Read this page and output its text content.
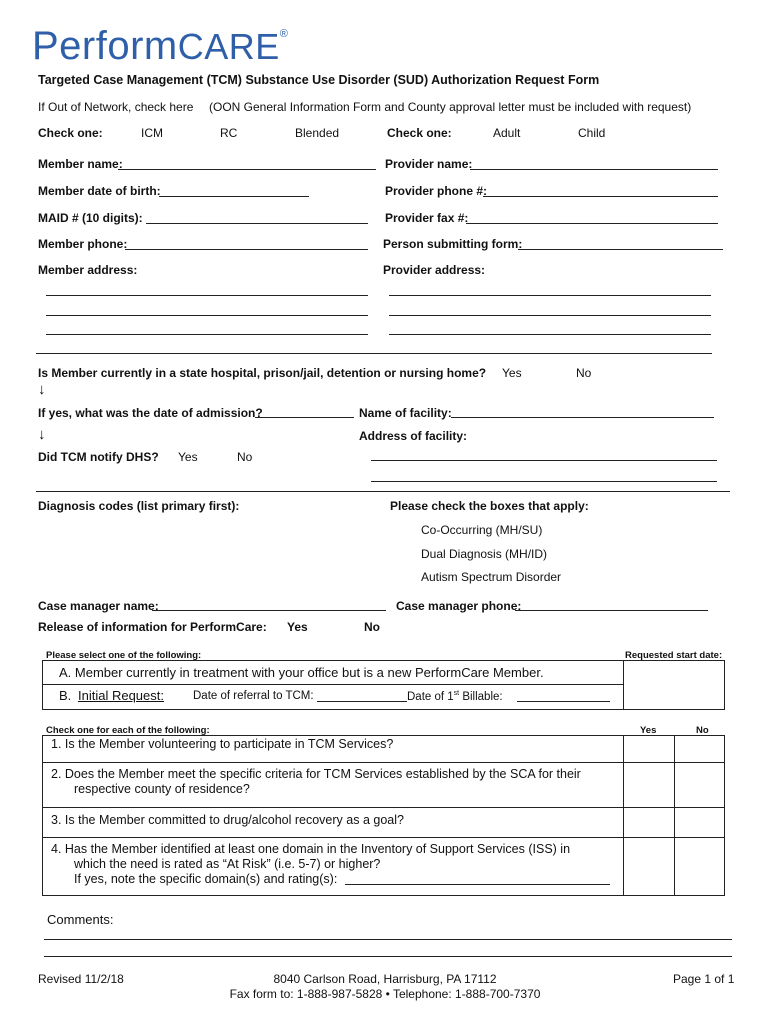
PerformCARE®
Targeted Case Management (TCM) Substance Use Disorder (SUD) Authorization Request Form
If Out of Network, check here (OON General Information Form and County approval letter must be included with request)
Check one:	ICM	RC	Blended	Check one:	Adult	Child
Member name:	Provider name:
Member date of birth:	Provider phone #:
MAID # (10 digits):	Provider fax #:
Member phone:	Person submitting form:
Member address:	Provider address:
Is Member currently in a state hospital, prison/jail, detention or nursing home? Yes	No
↓
If yes, what was the date of admission?	Name of facility:
↓	Address of facility:
Did TCM notify DHS? Yes	No
Diagnosis codes (list primary first):	Please check the boxes that apply:
Co-Occurring (MH/SU)
Dual Diagnosis (MH/ID)
Autism Spectrum Disorder
Case manager name:	Case manager phone:
Release of information for PerformCare: Yes	No
Please select one of the following:	Requested start date:
A. Member currently in treatment with your office but is a new PerformCare Member.

B. Initial Request:	Date of referral to TCM:	Date of 1st Billable:
Check one for each of the following:	Yes	No
1. Is the Member volunteering to participate in TCM Services?		

2. Does the Member meet the specific criteria for TCM Services established by the SCA for their
respective county of residence?		

3. Is the Member committed to drug/alcohol recovery as a goal?		

4. Has the Member identified at least one domain in the Inventory of Support Services (ISS) in
which the need is rated as “At Risk” (i.e. 5-7) or higher?
If yes, note the specific domain(s) and rating(s):		

Comments:
Revised 11/2/18	8040 Carlson Road, Harrisburg, PA 17112
Fax form to: 1-888-987-5828 • Telephone: 1-888-700-7370
Page 1 of 1
